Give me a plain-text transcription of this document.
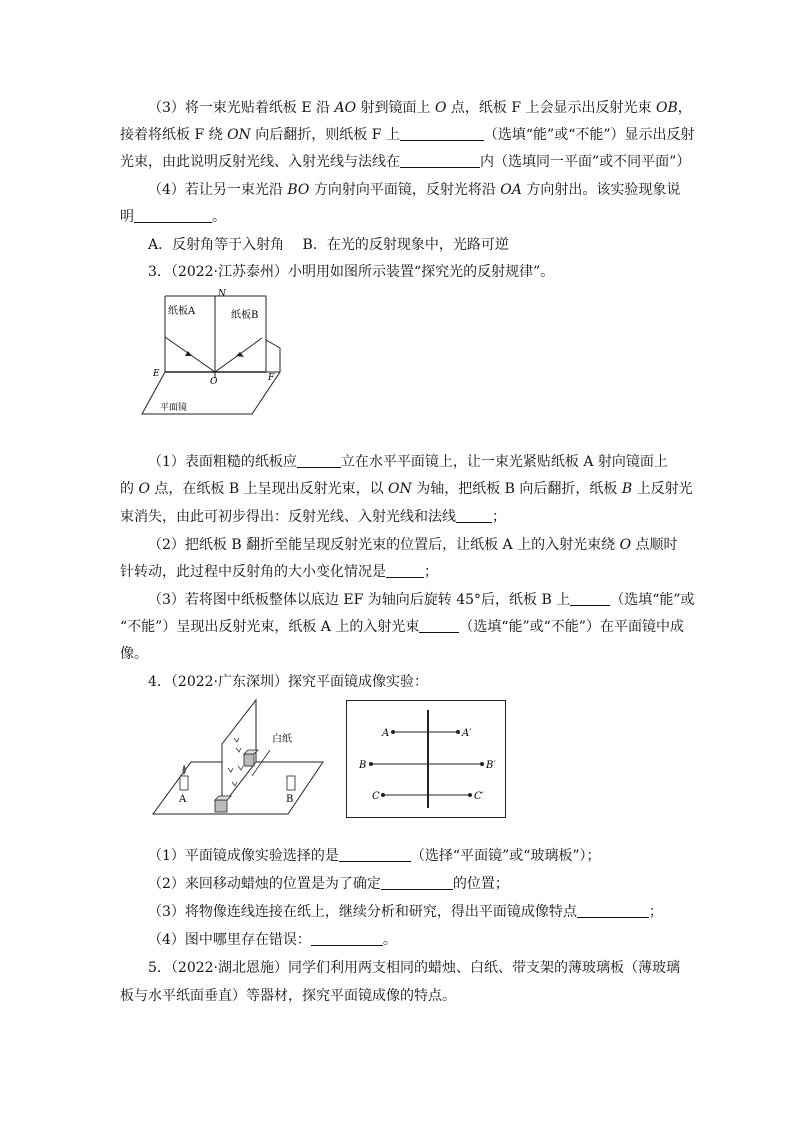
（3）将一束光贴着纸板 E 沿 AO 射到镜面上 O 点，纸板 F 上会显示出反射光束 OB，
接着将纸板 F 绕 ON 向后翻折，则纸板 F 上	（选填“能”或“不能”）显示出反射
光束，由此说明反射光线、入射光线与法线在	内（选填同一平面”或不同平面”）
（4）若让另一束光沿 BO 方向射向平面镜，反射光将沿 OA 方向射出。该实验现象说
明	。
A．反射角等于入射角　 B．在光的反射现象中，光路可逆
3．（2022·江苏泰州）小明用如图所示装置“探究光的反射规律”。
N
纸板A	纸板B
E
O	F
平面镜
（1）表面粗糙的纸板应	立在水平平面镜上，让一束光紧贴纸板 A 射向镜面上
的 O 点，在纸板 B 上呈现出反射光束，以 ON 为轴，把纸板 B 向后翻折，纸板 B 上反射光
束消失，由此可初步得出：反射光线、入射光线和法线	；
（2）把纸板 B 翻折至能呈现反射光束的位置后，让纸板 A 上的入射光束绕 O 点顺时
针转动，此过程中反射角的大小变化情况是	；
（3）若将图中纸板整体以底边 EF 为轴向后旋转 45°后，纸板 B 上	（选填“能”或
“不能”）呈现出反射光束，纸板 A 上的入射光束	（选填“能”或“不能”）在平面镜中成
像。
4．（2022·广东深圳）探究平面镜成像实验：
白纸
A	B
A	A′
B	B′
C	C′
（1）平面镜成像实验选择的是	（选择“平面镜”或“玻璃板”）；
（2）来回移动蜡烛的位置是为了确定	的位置；
（3）将物像连线连接在纸上，继续分析和研究，得出平面镜成像特点	；
（4）图中哪里存在错误：	。
5．（2022·湖北恩施）同学们利用两支相同的蜡烛、白纸、带支架的薄玻璃板（薄玻璃
板与水平纸面垂直）等器材，探究平面镜成像的特点。
